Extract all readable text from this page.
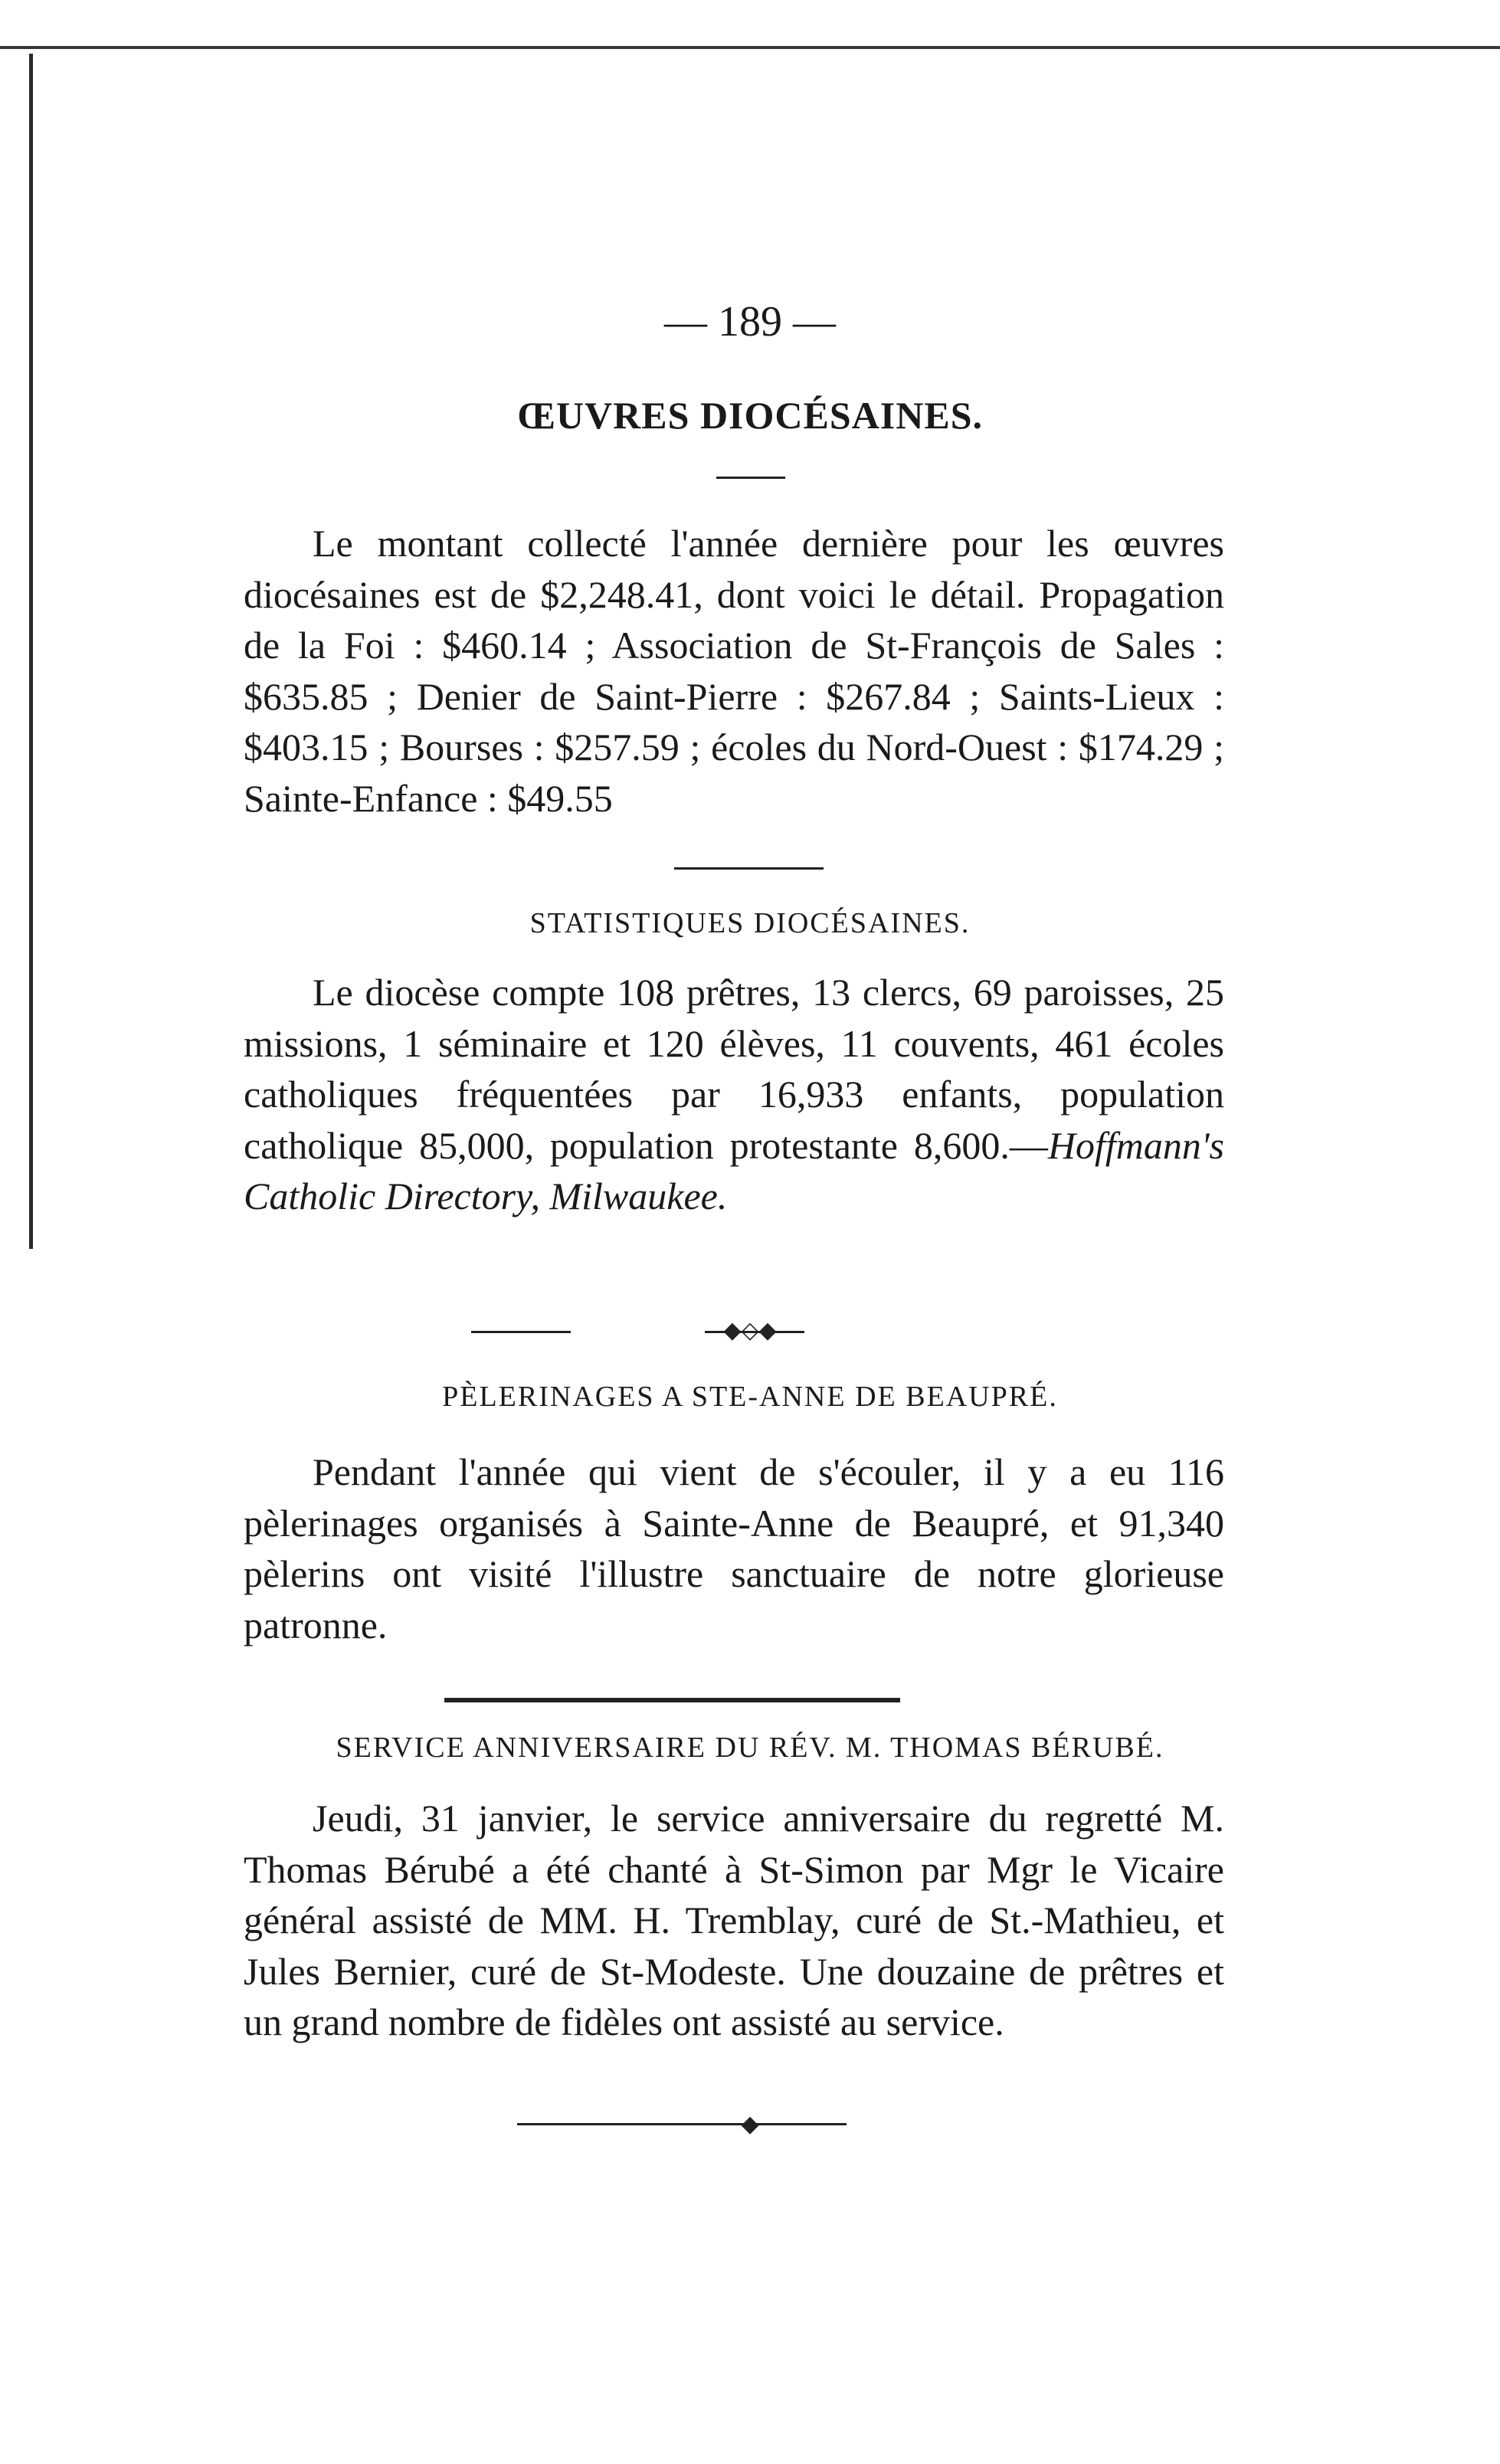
— 189 —
ŒUVRES DIOCÉSAINES.

Le montant collecté l'année dernière pour les œuvres diocésaines est de $2,248.41, dont voici le détail. Propagation de la Foi : $460.14 ; Association de St-François de Sales : $635.85 ; Denier de Saint-Pierre : $267.84 ; Saints-Lieux : $403.15 ; Bourses : $257.59 ; écoles du Nord-Ouest : $174.29 ; Sainte-Enfance : $49.55

STATISTIQUES DIOCÉSAINES.

Le diocèse compte 108 prêtres, 13 clercs, 69 paroisses, 25 missions, 1 séminaire et 120 élèves, 11 couvents, 461 écoles catholiques fréquentées par 16,933 enfants, population catholique 85,000, population protestante 8,600.—Hoffmann's Catholic Directory, Milwaukee.

◆◇◆
PÈLERINAGES A STE-ANNE DE BEAUPRÉ.

Pendant l'année qui vient de s'écouler, il y a eu 116 pèlerinages organisés à Sainte-Anne de Beaupré, et 91,340 pèlerins ont visité l'illustre sanctuaire de notre glorieuse patronne.

SERVICE ANNIVERSAIRE DU RÉV. M. THOMAS BÉRUBÉ.

Jeudi, 31 janvier, le service anniversaire du regretté M. Thomas Bérubé a été chanté à St-Simon par Mgr le Vicaire général assisté de MM. H. Tremblay, curé de St.-Mathieu, et Jules Bernier, curé de St-Modeste. Une douzaine de prêtres et un grand nombre de fidèles ont assisté au service.

◆
